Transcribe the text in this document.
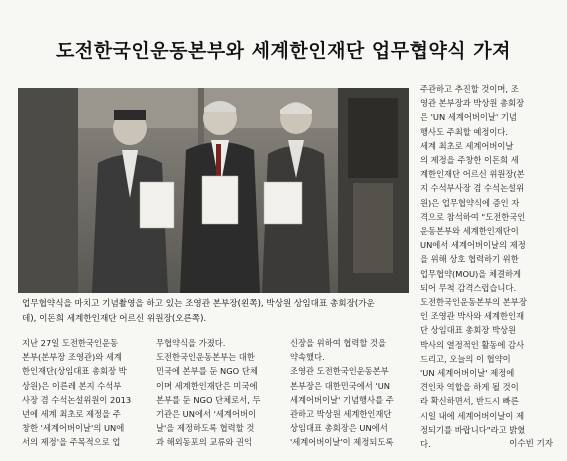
도전한국인운동본부와 세계한인재단 업무협약식 가져
업무협약식을 마치고 기념촬영을 하고 있는 조영관 본부장(왼쪽), 박상원 상임대표 총회장(가운
데), 이돈희 세계한인재단 어르신 위원장(오른쪽).
지난 27일 도전한국인운동
본부(본부장 조영관)와 세계
한인재단(상임대표 총회장 박
상원)은 이른레 본지 수석부
사장 겸 수석논설위원이 2013
년에 세계 최초로 제정을 주
창한 '세계어버이날'의 UN에
서의 제정'을 주목적으로 업
무협약식을 가졌다.
도전한국인운동본부는 대한
민국에 본부를 둔 NGO 단체
이며 세계한인재단은 미국에
본부를 둔 NGO 단체로서, 두
기관은 UN에서 '세계어버이
날'을 제정하도록 협력할 것
과 해외동포의 교류와 권익
신장을 위하여 협력할 것을
약속했다.
조영관 도전한국인운동본부
본부장은 대한민국에서 'UN
세계어버이날' 기념행사를 주
관하고 박상원 세계한인재단
상임대표 총회장은 UN에서
'세계어버이날'이 제정되도록
주관하고 추진할 것이며, 조
영관 본부장과 박상원 총회장
은 'UN 세계어버이날' 기념
행사도 주최할 예정이다.
세계 최초로 세계어버이날
의 제정을 주창한 이돈희 세
계한인재단 어르신 위원장(본
지 수석부사장 겸 수석논설위
원)은 업무협약식에 증인 자
격으로 참석하여 "도전한국인
운동본부와 세계한인재단이
UN에서 세계어버이날의 제정
을 위해 상호 협력하기 위한
업무협약(MOU)을 체결하게
되어 무척 감격스럽습니다.
도전한국인운동본부의 본부장
인 조영관 박사와 세계한인재
단 상임대표 총회장 박상원
박사의 열정적인 활동에 감사
드리고, 오늘의 이 협약이
'UN 세계어버이날' 제정에
견인차 역할을 하게 될 것이
라 확신하면서, 반드시 빠른
시일 내에 세계어버이날이 제
정되기를 바랍니다"라고 밝혔
다.	이수빈 기자
